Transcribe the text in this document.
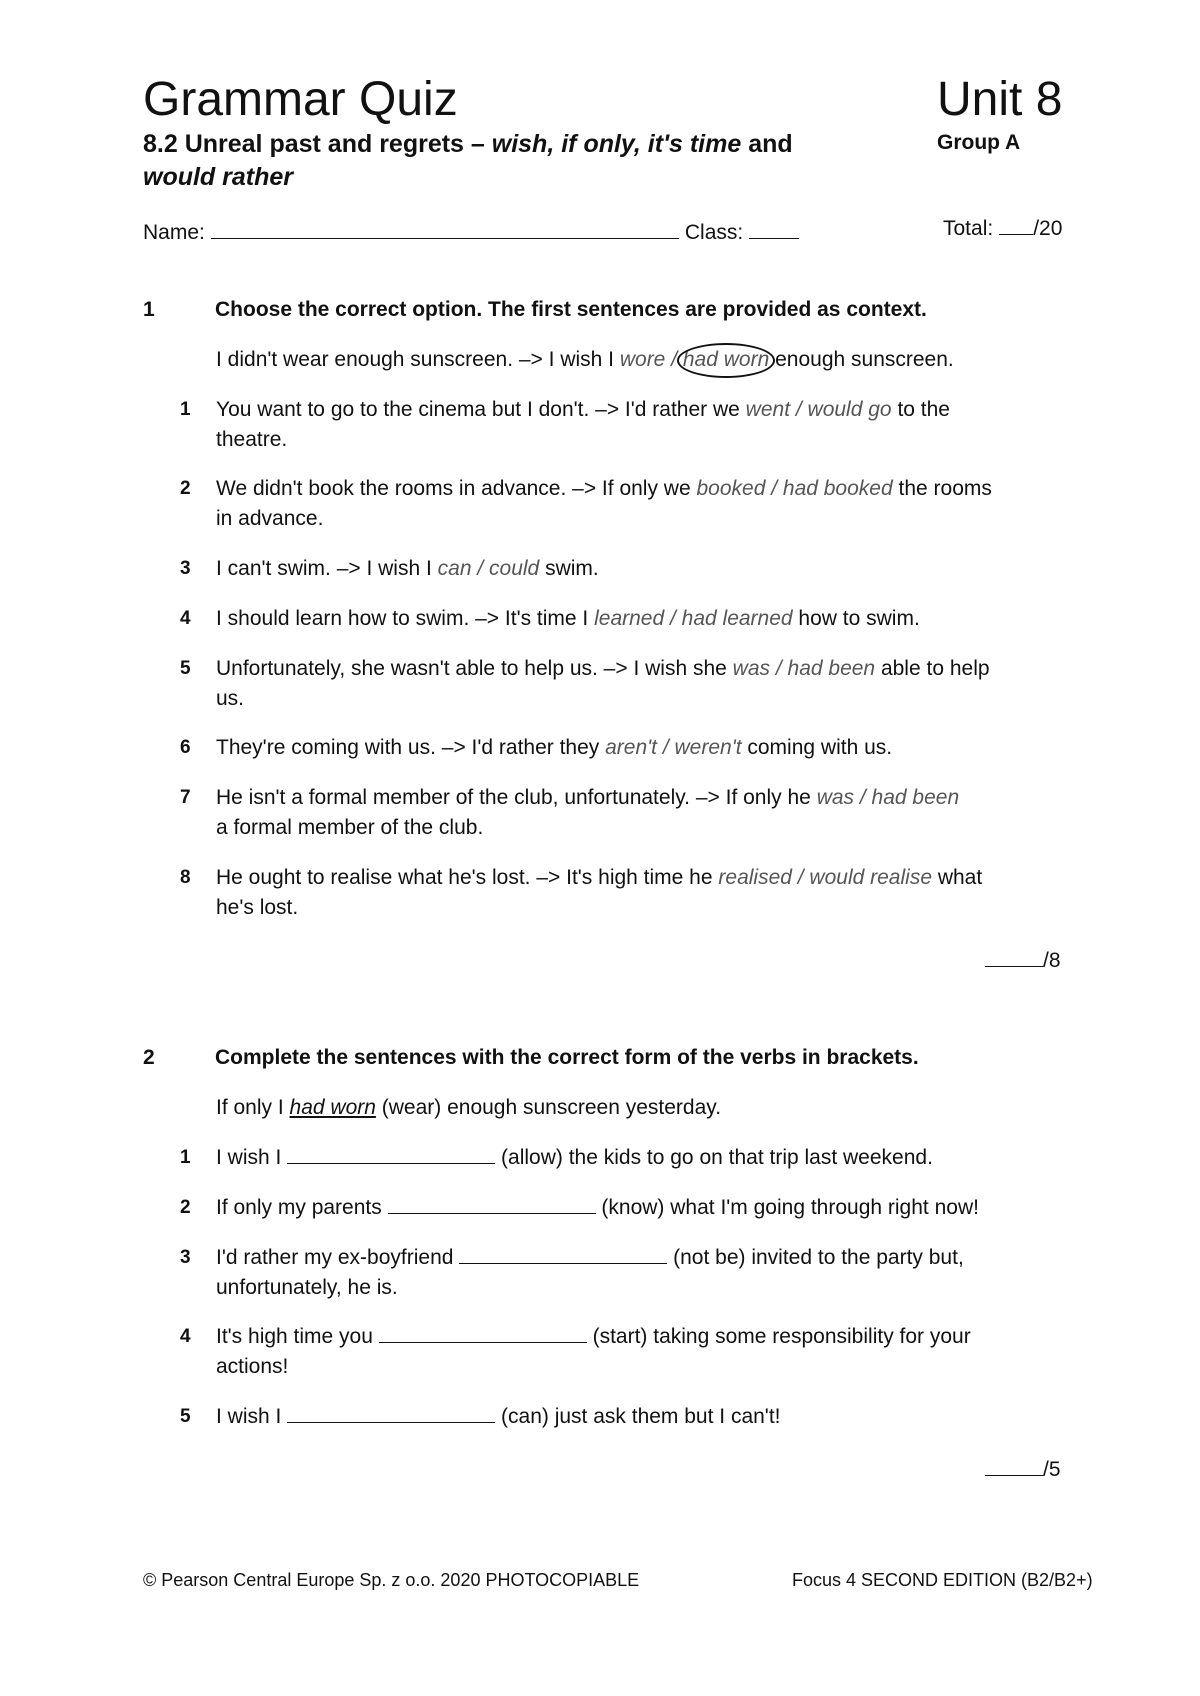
Grammar Quiz	Unit 8
8.2 Unreal past and regrets – wish, if only, it's time and
would rather
Group A
Name:	Class:	Total: /20
1	Choose the correct option. The first sentences are provided as context.
I didn't wear enough sunscreen. –> I wish I wore / had worn enough sunscreen.
1 You want to go to the cinema but I don't. –> I'd rather we went / would go to the
theatre.
2 We didn't book the rooms in advance. –> If only we booked / had booked the rooms
in advance.
3 I can't swim. –> I wish I can / could swim.
4 I should learn how to swim. –> It's time I learned / had learned how to swim.
5 Unfortunately, she wasn't able to help us. –> I wish she was / had been able to help
us.
6 They're coming with us. –> I'd rather they aren't / weren't coming with us.
7 He isn't a formal member of the club, unfortunately. –> If only he was / had been
a formal member of the club.
8 He ought to realise what he's lost. –> It's high time he realised / would realise what
he's lost.
/8
2	Complete the sentences with the correct form of the verbs in brackets.
If only I had worn (wear) enough sunscreen yesterday.
1 I wish I	(allow) the kids to go on that trip last weekend.
2 If only my parents	(know) what I'm going through right now!
3 I'd rather my ex-boyfriend	(not be) invited to the party but,
unfortunately, he is.
4 It's high time you	(start) taking some responsibility for your
actions!
5 I wish I	(can) just ask them but I can't!
/5
© Pearson Central Europe Sp. z o.o. 2020 PHOTOCOPIABLE	Focus 4 SECOND EDITION (B2/B2+)
